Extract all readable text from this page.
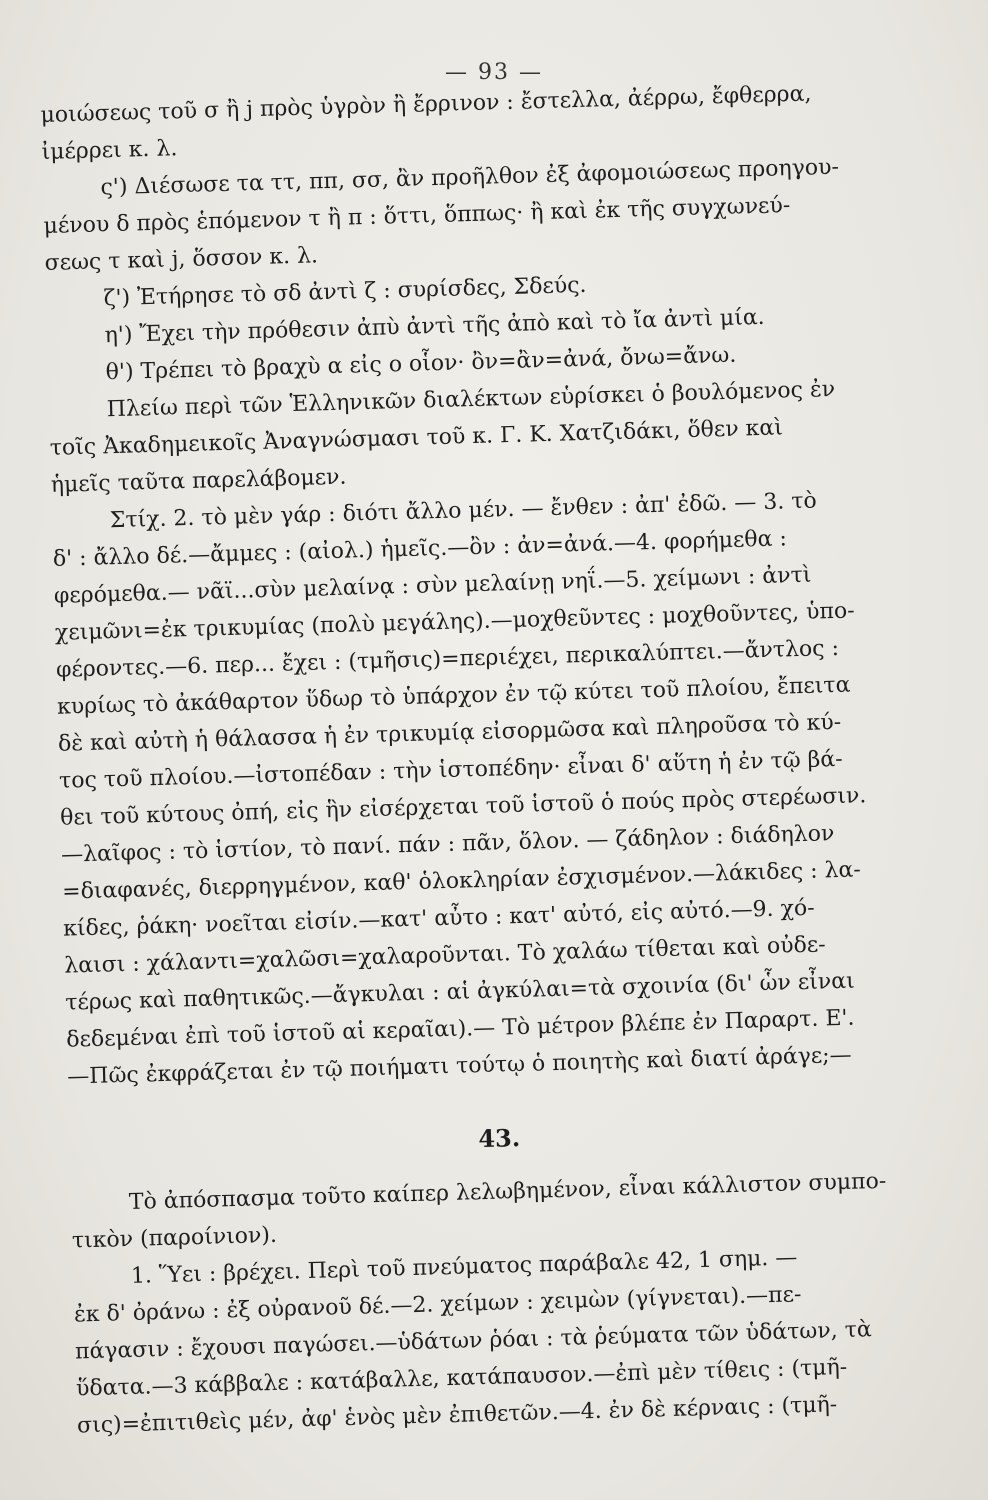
— 93 —
μοιώσεως τοῦ σ ἢ j πρὸς ὑγρὸν ἢ ἔρρινον : ἔστελλα, ἀέρρω, ἔφθερρα,
ἰμέρρει κ. λ.
ς') Διέσωσε τα ττ, ππ, σσ, ἂν προῆλθον ἐξ ἀφομοιώσεως προηγου-
μένου δ πρὸς ἑπόμενον τ ἢ π : ὅττι, ὅππως· ἢ καὶ ἐκ τῆς συγχωνεύ-
σεως τ καὶ j, ὅσσον κ. λ.
ζ') Ἐτήρησε τὸ σδ ἀντὶ ζ : συρίσδες, Σδεύς.
η') Ἔχει τὴν πρόθεσιν ἀπὺ ἀντὶ τῆς ἀπὸ καὶ τὸ ἴα ἀντὶ μία.
θ') Τρέπει τὸ βραχὺ α εἰς ο οἷον· ὂν=ἂν=ἀνά, ὄνω=ἄνω.
Πλείω περὶ τῶν Ἑλληνικῶν διαλέκτων εὑρίσκει ὁ βουλόμενος ἐν
τοῖς Ἀκαδημεικοῖς Ἀναγνώσμασι τοῦ κ. Γ. Κ. Χατζιδάκι, ὅθεν καὶ
ἡμεῖς ταῦτα παρελάβομεν.
Στίχ. 2. τὸ μὲν γάρ : διότι ἄλλο μέν. — ἔνθεν : ἀπ' ἐδῶ. — 3. τὸ
δ' : ἄλλο δέ.—ἄμμες : (αἰολ.) ἡμεῖς.—ὂν : ἀν=ἀνά.—4. φορήμεθα :
φερόμεθα.— νᾶϊ...σὺν μελαίνᾳ : σὺν μελαίνῃ νηΐ.—5. χείμωνι : ἀντὶ
χειμῶνι=ἐκ τρικυμίας (πολὺ μεγάλης).—μοχθεῦντες : μοχθοῦντες, ὑπο-
φέροντες.—6. περ... ἔχει : (τμῆσις)=περιέχει, περικαλύπτει.—ἄντλος :
κυρίως τὸ ἀκάθαρτον ὕδωρ τὸ ὑπάρχον ἐν τῷ κύτει τοῦ πλοίου, ἔπειτα
δὲ καὶ αὐτὴ ἡ θάλασσα ἡ ἐν τρικυμίᾳ εἰσορμῶσα καὶ πληροῦσα τὸ κύ-
τος τοῦ πλοίου.—ἰστοπέδαν : τὴν ἱστοπέδην· εἶναι δ' αὕτη ἡ ἐν τῷ βά-
θει τοῦ κύτους ὀπή, εἰς ἣν εἰσέρχεται τοῦ ἱστοῦ ὁ πούς πρὸς στερέωσιν.
—λαῖφος : τὸ ἱστίον, τὸ πανί. πάν : πᾶν, ὅλον. — ζάδηλον : διάδηλον
=διαφανές, διερρηγμένον, καθ' ὁλοκληρίαν ἐσχισμένον.—λάκιδες : λα-
κίδες, ῥάκη· νοεῖται εἰσίν.—κατ' αὖτο : κατ' αὐτό, εἰς αὐτό.—9. χό-
λαισι : χάλαντι=χαλῶσι=χαλαροῦνται. Τὸ χαλάω τίθεται καὶ οὐδε-
τέρως καὶ παθητικῶς.—ἄγκυλαι : αἱ ἀγκύλαι=τὰ σχοινία (δι' ὧν εἶναι
δεδεμέναι ἐπὶ τοῦ ἱστοῦ αἱ κεραῖαι).— Τὸ μέτρον βλέπε ἐν Παραρτ. Ε'.
—Πῶς ἐκφράζεται ἐν τῷ ποιήματι τούτῳ ὁ ποιητὴς καὶ διατί ἀράγε;—
43.
Τὸ ἀπόσπασμα τοῦτο καίπερ λελωβημένον, εἶναι κάλλιστον συμπο-
τικὸν (παροίνιον).
1. Ὕει : βρέχει. Περὶ τοῦ πνεύματος παράβαλε 42, 1 σημ. —
ἐκ δ' ὀράνω : ἐξ οὐρανοῦ δέ.—2. χείμων : χειμὼν (γίγνεται).—πε-
πάγασιν : ἔχουσι παγώσει.—ὑδάτων ῥόαι : τὰ ῥεύματα τῶν ὑδάτων, τὰ
ὕδατα.—3 κάββαλε : κατάβαλλε, κατάπαυσον.—ἐπὶ μὲν τίθεις : (τμῆ-
σις)=ἐπιτιθεὶς μέν, ἀφ' ἑνὸς μὲν ἐπιθετῶν.—4. ἐν δὲ κέρναις : (τμῆ-
